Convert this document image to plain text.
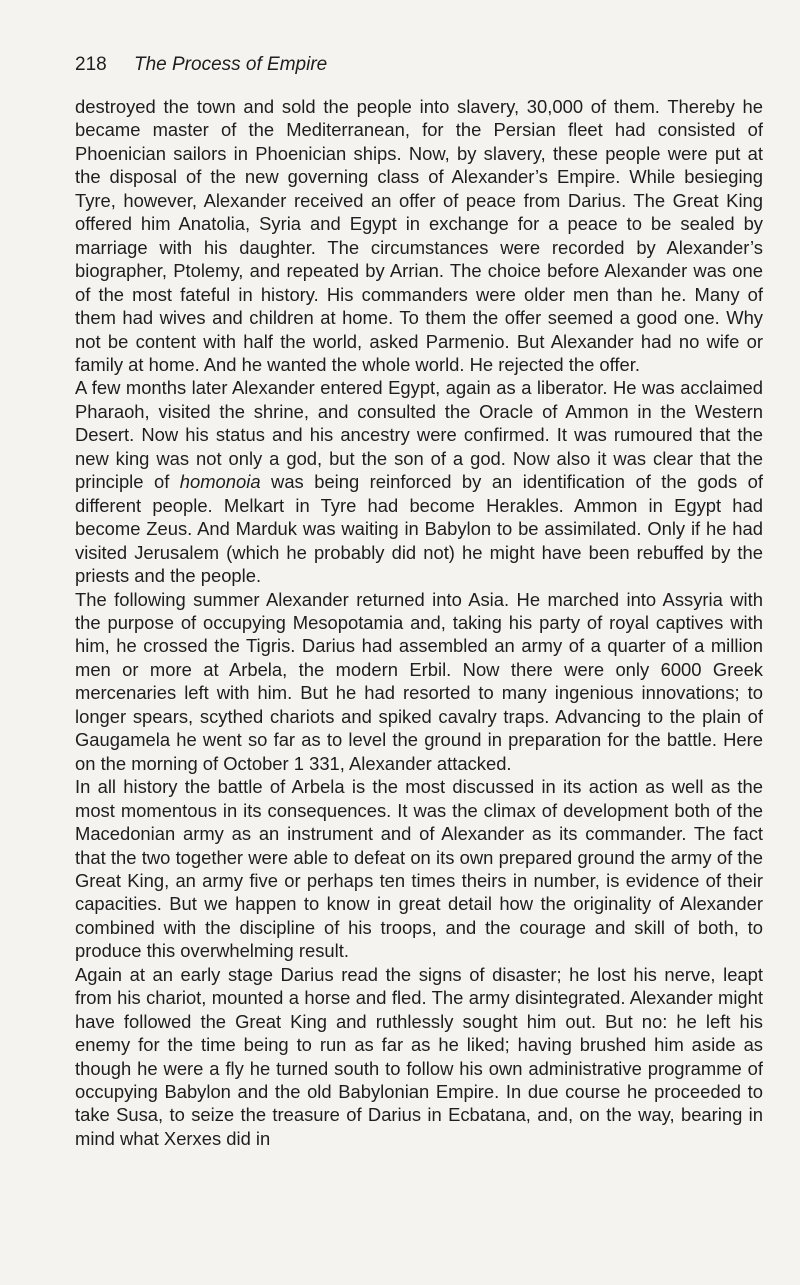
218 The Process of Empire

destroyed the town and sold the people into slavery, 30,000 of them. Thereby he became master of the Mediterranean, for the Persian fleet had consisted of Phoenician sailors in Phoenician ships. Now, by slavery, these people were put at the disposal of the new governing class of Alexander’s Empire. While besieging Tyre, however, Alexander received an offer of peace from Darius. The Great King offered him Anatolia, Syria and Egypt in exchange for a peace to be sealed by marriage with his daughter. The circumstances were recorded by Alexander’s biographer, Ptolemy, and repeated by Arrian. The choice before Alexander was one of the most fateful in history. His commanders were older men than he. Many of them had wives and children at home. To them the offer seemed a good one. Why not be content with half the world, asked Parmenio. But Alexander had no wife or family at home. And he wanted the whole world. He rejected the offer.

A few months later Alexander entered Egypt, again as a liberator. He was acclaimed Pharaoh, visited the shrine, and consulted the Oracle of Ammon in the Western Desert. Now his status and his ancestry were confirmed. It was rumoured that the new king was not only a god, but the son of a god. Now also it was clear that the principle of homonoia was being reinforced by an identification of the gods of different people. Melkart in Tyre had become Herakles. Ammon in Egypt had become Zeus. And Marduk was waiting in Babylon to be assimilated. Only if he had visited Jerusalem (which he probably did not) he might have been rebuffed by the priests and the people.

The following summer Alexander returned into Asia. He marched into Assyria with the purpose of occupying Mesopotamia and, taking his party of royal captives with him, he crossed the Tigris. Darius had assembled an army of a quarter of a million men or more at Arbela, the modern Erbil. Now there were only 6000 Greek mercenaries left with him. But he had resorted to many ingenious innovations; to longer spears, scythed chariots and spiked cavalry traps. Advancing to the plain of Gaugamela he went so far as to level the ground in preparation for the battle. Here on the morning of October 1 331, Alexander attacked.

In all history the battle of Arbela is the most discussed in its action as well as the most momentous in its consequences. It was the climax of development both of the Macedonian army as an instrument and of Alexander as its commander. The fact that the two together were able to defeat on its own prepared ground the army of the Great King, an army five or perhaps ten times theirs in number, is evidence of their capacities. But we happen to know in great detail how the originality of Alexander combined with the discipline of his troops, and the courage and skill of both, to produce this overwhelming result.

Again at an early stage Darius read the signs of disaster; he lost his nerve, leapt from his chariot, mounted a horse and fled. The army disintegrated. Alexander might have followed the Great King and ruthlessly sought him out. But no: he left his enemy for the time being to run as far as he liked; having brushed him aside as though he were a fly he turned south to follow his own administrative programme of occupying Babylon and the old Babylonian Empire. In due course he proceeded to take Susa, to seize the treasure of Darius in Ecbatana, and, on the way, bearing in mind what Xerxes did in
